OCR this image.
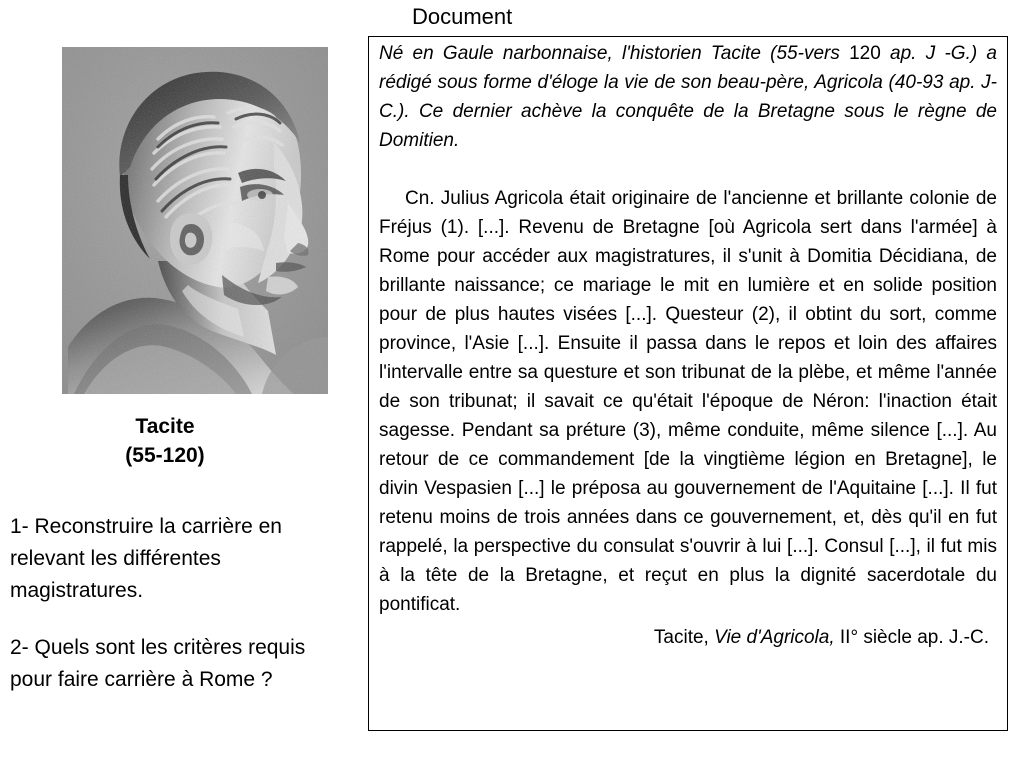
Tacite
(55-120)

1- Reconstruire la carrière en relevant les différentes magistratures.

2- Quels sont les critères requis pour faire carrière à Rome ?

Document

Né en Gaule narbonnaise, l'historien Tacite (55-vers 120 ap. J -G.) a rédigé sous forme d'éloge la vie de son beau-père, Agricola (40-93 ap. J-C.). Ce dernier achève la conquête de la Bretagne sous le règne de Domitien.

Cn. Julius Agricola était originaire de l'ancienne et brillante colonie de Fréjus (1). [...]. Revenu de Bretagne [où Agricola sert dans l'armée] à Rome pour accéder aux magistratures, il s'unit à Domitia Décidiana, de brillante naissance; ce mariage le mit en lumière et en solide position pour de plus hautes visées [...]. Questeur (2), il obtint du sort, comme province, l'Asie [...]. Ensuite il passa dans le repos et loin des affaires l'intervalle entre sa questure et son tribunat de la plèbe, et même l'année de son tribunat; il savait ce qu'était l'époque de Néron: l'inaction était sagesse. Pendant sa préture (3), même conduite, même silence [...]. Au retour de ce commandement [de la vingtième légion en Bretagne], le divin Vespasien [...] le préposa au gouvernement de l'Aquitaine [...]. Il fut retenu moins de trois années dans ce gouvernement, et, dès qu'il en fut rappelé, la perspective du consulat s'ouvrir à lui [...]. Consul [...], il fut mis à la tête de la Bretagne, et reçut en plus la dignité sacerdotale du pontificat.

Tacite, Vie d'Agricola, II° siècle ap. J.-C.
